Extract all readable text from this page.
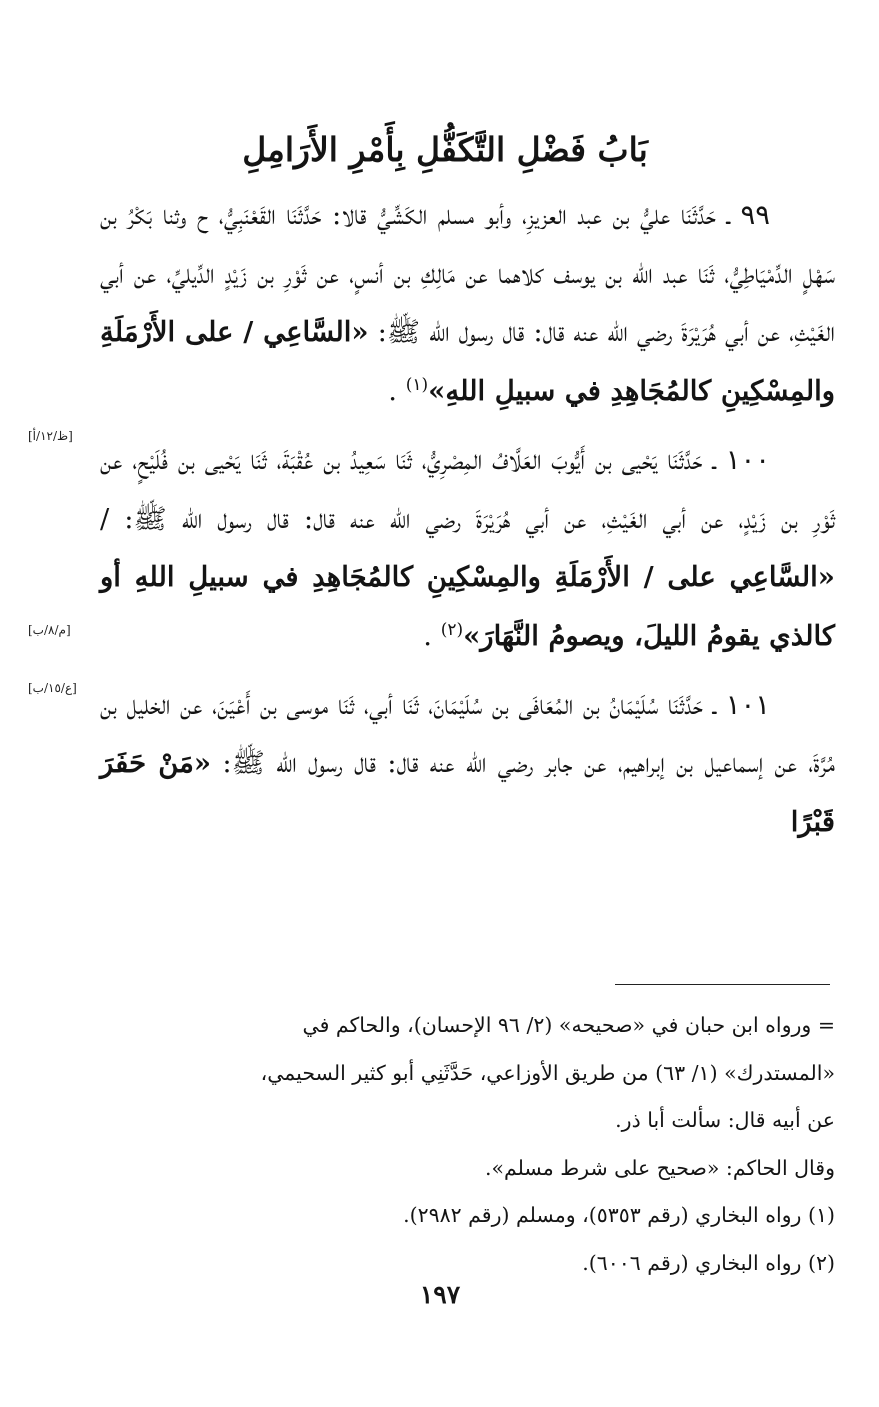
بَابُ فَضْلِ التَّكَفُّلِ بِأَمْرِ الأَرَامِلِ

٩٩ ـ حَدَّثَنَا عليُّ بن عبد العزيزِ، وأبو مسلم الكَشِّيُّ قالا: حَدَّثَنَا القَعْنَبِيُّ، ح وثنا بَكْرُ بن سَهْلٍ الدِّمْيَاطِيُّ، ثَنَا عبد الله بن يوسف كلاهما عن مَالِكِ بن أنسٍ، عن ثَوْرِ بن زَيْدٍ الدِّيليِّ، عن أبي الغَيْثِ، عن أبي هُرَيْرَةَ رضي الله عنه قال: قال رسول الله ﷺ: «السَّاعِي / على الأَرْمَلَةِ والمِسْكِينِ كالمُجَاهِدِ في سبيلِ اللهِ»$^{(١)}$ .

١٠٠ ـ حَدَّثَنَا يَحْيى بن أَيُّوبَ العَلَّافُ المِصْرِيُّ، ثَنَا سَعِيدُ بن عُقْبَةَ، ثَنَا يَحْيى بن فُلَيْحٍ، عن ثَوْرِ بن زَيْدٍ، عن أبي الغَيْثِ، عن أبي هُرَيْرَةَ رضي الله عنه قال: قال رسول الله ﷺ: / «السَّاعِي على / الأَرْمَلَةِ والمِسْكِينِ كالمُجَاهِدِ في سبيلِ اللهِ أو كالذي يقومُ الليلَ، ويصومُ النَّهَارَ»$^{(٢)}$ .

١٠١ ـ حَدَّثَنَا سُلَيْمَانُ بن المُعَافَى بن سُلَيْمَانَ، ثَنَا أبي، ثَنَا موسى بن أَعْيَنَ، عن الخليل بن مُرَّةَ، عن إسماعيل بن إبراهيم، عن جابر رضي الله عنه قال: قال رسول الله ﷺ: «مَنْ حَفَرَ قَبْرًا

[ظ/١٢/أ]
[م/٨/ب]
[ع/١٥/ب]

= ورواه ابن حبان في «صحيحه» (٢/ ٩٦ الإحسان)، والحاكم في

«المستدرك» (١/ ٦٣) من طريق الأوزاعي، حَدَّثَنِي أبو كثير السحيمي،

عن أبيه قال: سألت أبا ذر.

وقال الحاكم: «صحيح على شرط مسلم».

(١) رواه البخاري (رقم ٥٣٥٣)، ومسلم (رقم ٢٩٨٢).

(٢) رواه البخاري (رقم ٦٠٠٦).

١٩٧
